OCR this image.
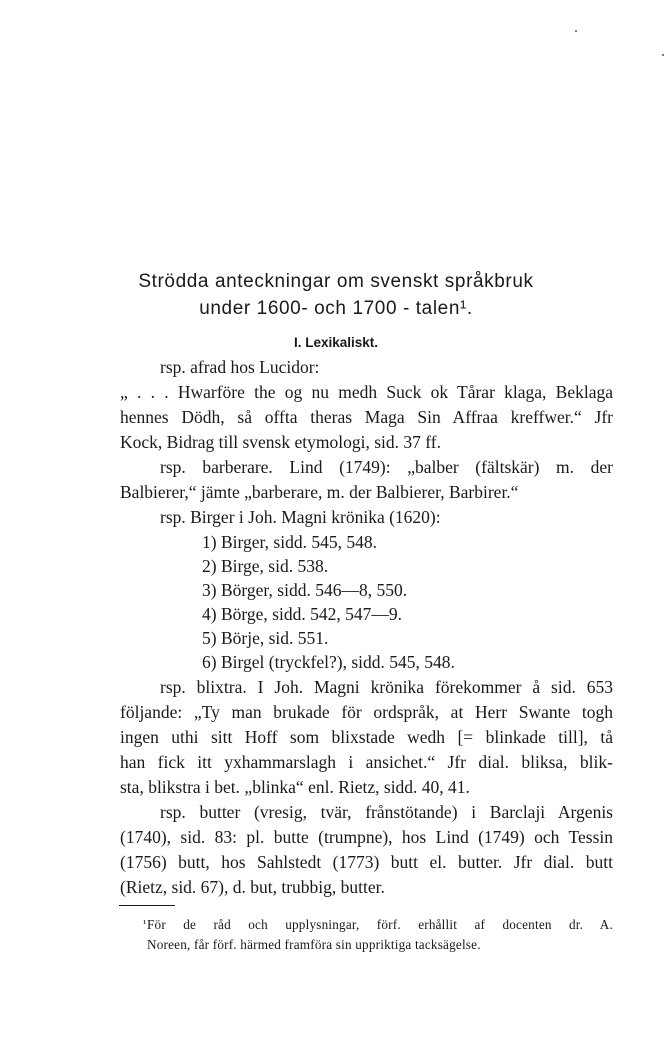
Strödda anteckningar om svenskt språkbruk
under 1600- och 1700 - talen¹.
I. Lexikaliskt.
rsp. afrad hos Lucidor:
„ . . . Hwarföre the og nu medh Suck ok Tårar klaga, Beklaga
hennes Dödh, så offta theras Maga Sin Affraa kreffwer.“ Jfr
Kock, Bidrag till svensk etymologi, sid. 37 ff.
rsp. barberare. Lind (1749): „balber (fältskär) m. der
Balbierer,“ jämte „barberare, m. der Balbierer, Barbirer.“
rsp. Birger i Joh. Magni krönika (1620):
1) Birger, sidd. 545, 548.
2) Birge, sid. 538.
3) Börger, sidd. 546—8, 550.
4) Börge, sidd. 542, 547—9.
5) Börje, sid. 551.
6) Birgel (tryckfel?), sidd. 545, 548.
rsp. blixtra. I Joh. Magni krönika förekommer å sid. 653
följande: „Ty man brukade för ordspråk, at Herr Swante togh
ingen uthi sitt Hoff som blixstade wedh [= blinkade till], tå
han fick itt yxhammarslagh i ansichet.“ Jfr dial. bliksa, blik-
sta, blikstra i bet. „blinka“ enl. Rietz, sidd. 40, 41.
rsp. butter (vresig, tvär, frånstötande) i Barclaji Argenis
(1740), sid. 83: pl. butte (trumpne), hos Lind (1749) och Tessin
(1756) butt, hos Sahlstedt (1773) butt el. butter. Jfr dial. butt
(Rietz, sid. 67), d. but, trubbig, butter.
¹ För de råd och upplysningar, förf. erhållit af docenten dr. A.
Noreen, får förf. härmed framföra sin uppriktiga tacksägelse.
